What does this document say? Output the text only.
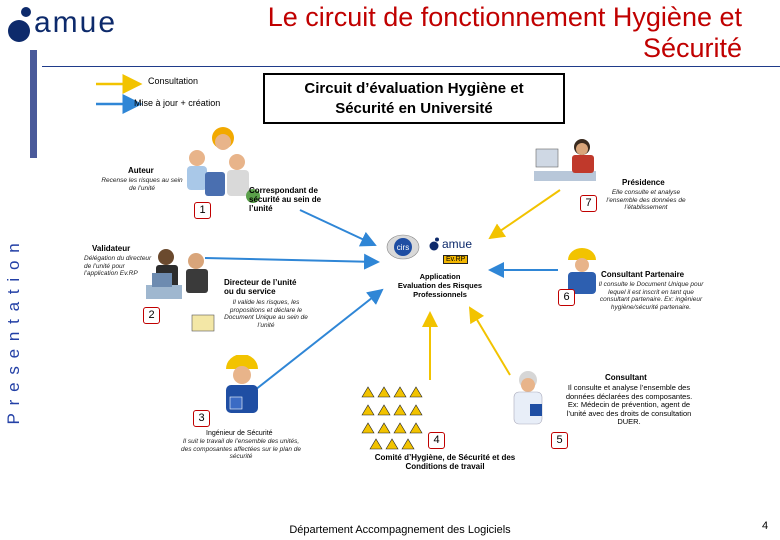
amue	Le circuit de fonctionnement Hygiène et
Sécurité
Presentation
Consultation
Mise à jour + création
Circuit d’évaluation Hygiène et Sécurité en Université
cirs	amue
Ev.RP
Application
Evaluation des Risques
Professionnels
Auteur
Recense les risques au sein de l’unité
1
Correspondant de sécurité au sein de l’unité
Validateur
Délégation du directeur de l’unité pour l’application Ev.RP
Directeur de l’unité ou du service
Il valide les risques, les propositions et déclare le Document Unique au sein de l’unité
2
3
Ingénieur de Sécurité
Il suit le travail de l’ensemble des unités, des composantes affectées sur le plan de sécurité
4
Comité d’Hygiène, de Sécurité et des Conditions de travail
5
Consultant
Il consulte et analyse l’ensemble des données déclarées des composantes. Ex: Médecin de prévention, agent de l’unité avec des droits de consultation DUER.
6
Consultant Partenaire
Il consulte le Document Unique pour lequel il est inscrit en tant que consultant partenaire. Ex: ingénieur hygiène/sécurité partenaire.
7
Présidence
Elle consulte et analyse l’ensemble des données de l’établissement
Département Accompagnement des Logiciels	4
